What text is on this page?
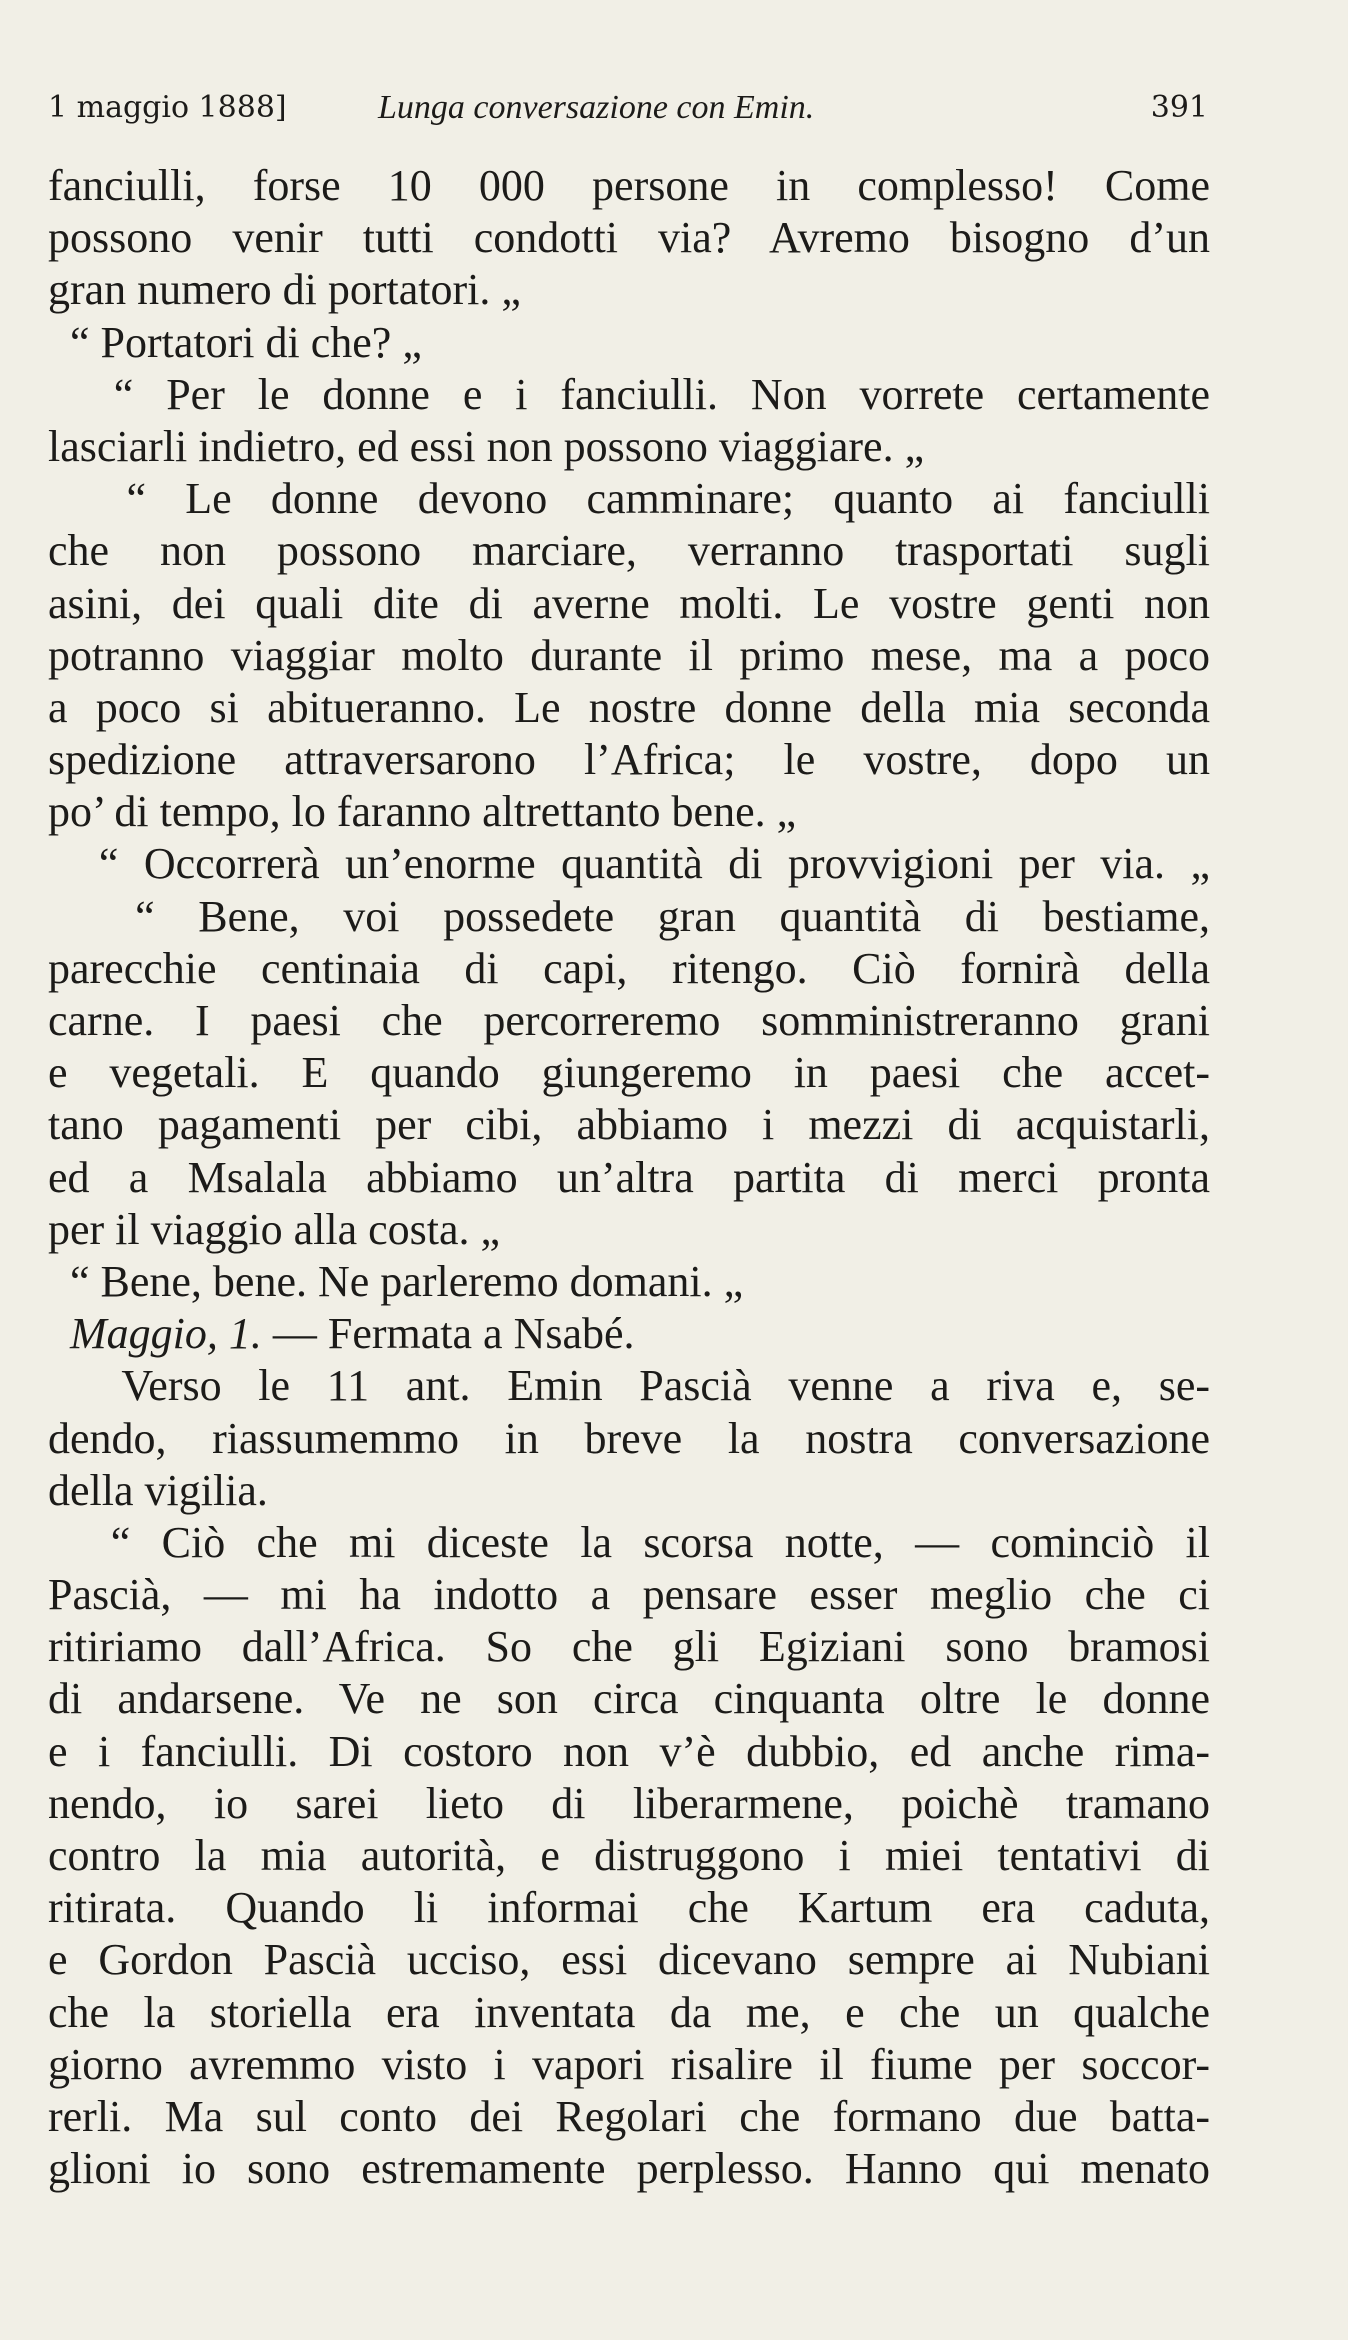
1 maggio 1888]	Lunga conversazione con Emin.	391
fanciulli, forse 10 000 persone in complesso! Come
possono venir tutti condotti via? Avremo bisogno d’un
gran numero di portatori. „
“ Portatori di che? „
“ Per le donne e i fanciulli. Non vorrete certamente
lasciarli indietro, ed essi non possono viaggiare. „
“ Le donne devono camminare; quanto ai fanciulli
che non possono marciare, verranno trasportati sugli
asini, dei quali dite di averne molti. Le vostre genti non
potranno viaggiar molto durante il primo mese, ma a poco
a poco si abitueranno. Le nostre donne della mia seconda
spedizione attraversarono l’Africa; le vostre, dopo un
po’ di tempo, lo faranno altrettanto bene. „
“ Occorrerà un’enorme quantità di provvigioni per via. „
“ Bene, voi possedete gran quantità di bestiame,
parecchie centinaia di capi, ritengo. Ciò fornirà della
carne. I paesi che percorreremo somministreranno grani
e vegetali. E quando giungeremo in paesi che accet-
tano pagamenti per cibi, abbiamo i mezzi di acquistarli,
ed a Msalala abbiamo un’altra partita di merci pronta
per il viaggio alla costa. „
“ Bene, bene. Ne parleremo domani. „
Maggio, 1. — Fermata a Nsabé.
Verso le 11 ant. Emin Pascià venne a riva e, se-
dendo, riassumemmo in breve la nostra conversazione
della vigilia.
“ Ciò che mi diceste la scorsa notte, — cominciò il
Pascià, — mi ha indotto a pensare esser meglio che ci
ritiriamo dall’Africa. So che gli Egiziani sono bramosi
di andarsene. Ve ne son circa cinquanta oltre le donne
e i fanciulli. Di costoro non v’è dubbio, ed anche rima-
nendo, io sarei lieto di liberarmene, poichè tramano
contro la mia autorità, e distruggono i miei tentativi di
ritirata. Quando li informai che Kartum era caduta,
e Gordon Pascià ucciso, essi dicevano sempre ai Nubiani
che la storiella era inventata da me, e che un qualche
giorno avremmo visto i vapori risalire il fiume per soccor-
rerli. Ma sul conto dei Regolari che formano due batta-
glioni io sono estremamente perplesso. Hanno qui menato
